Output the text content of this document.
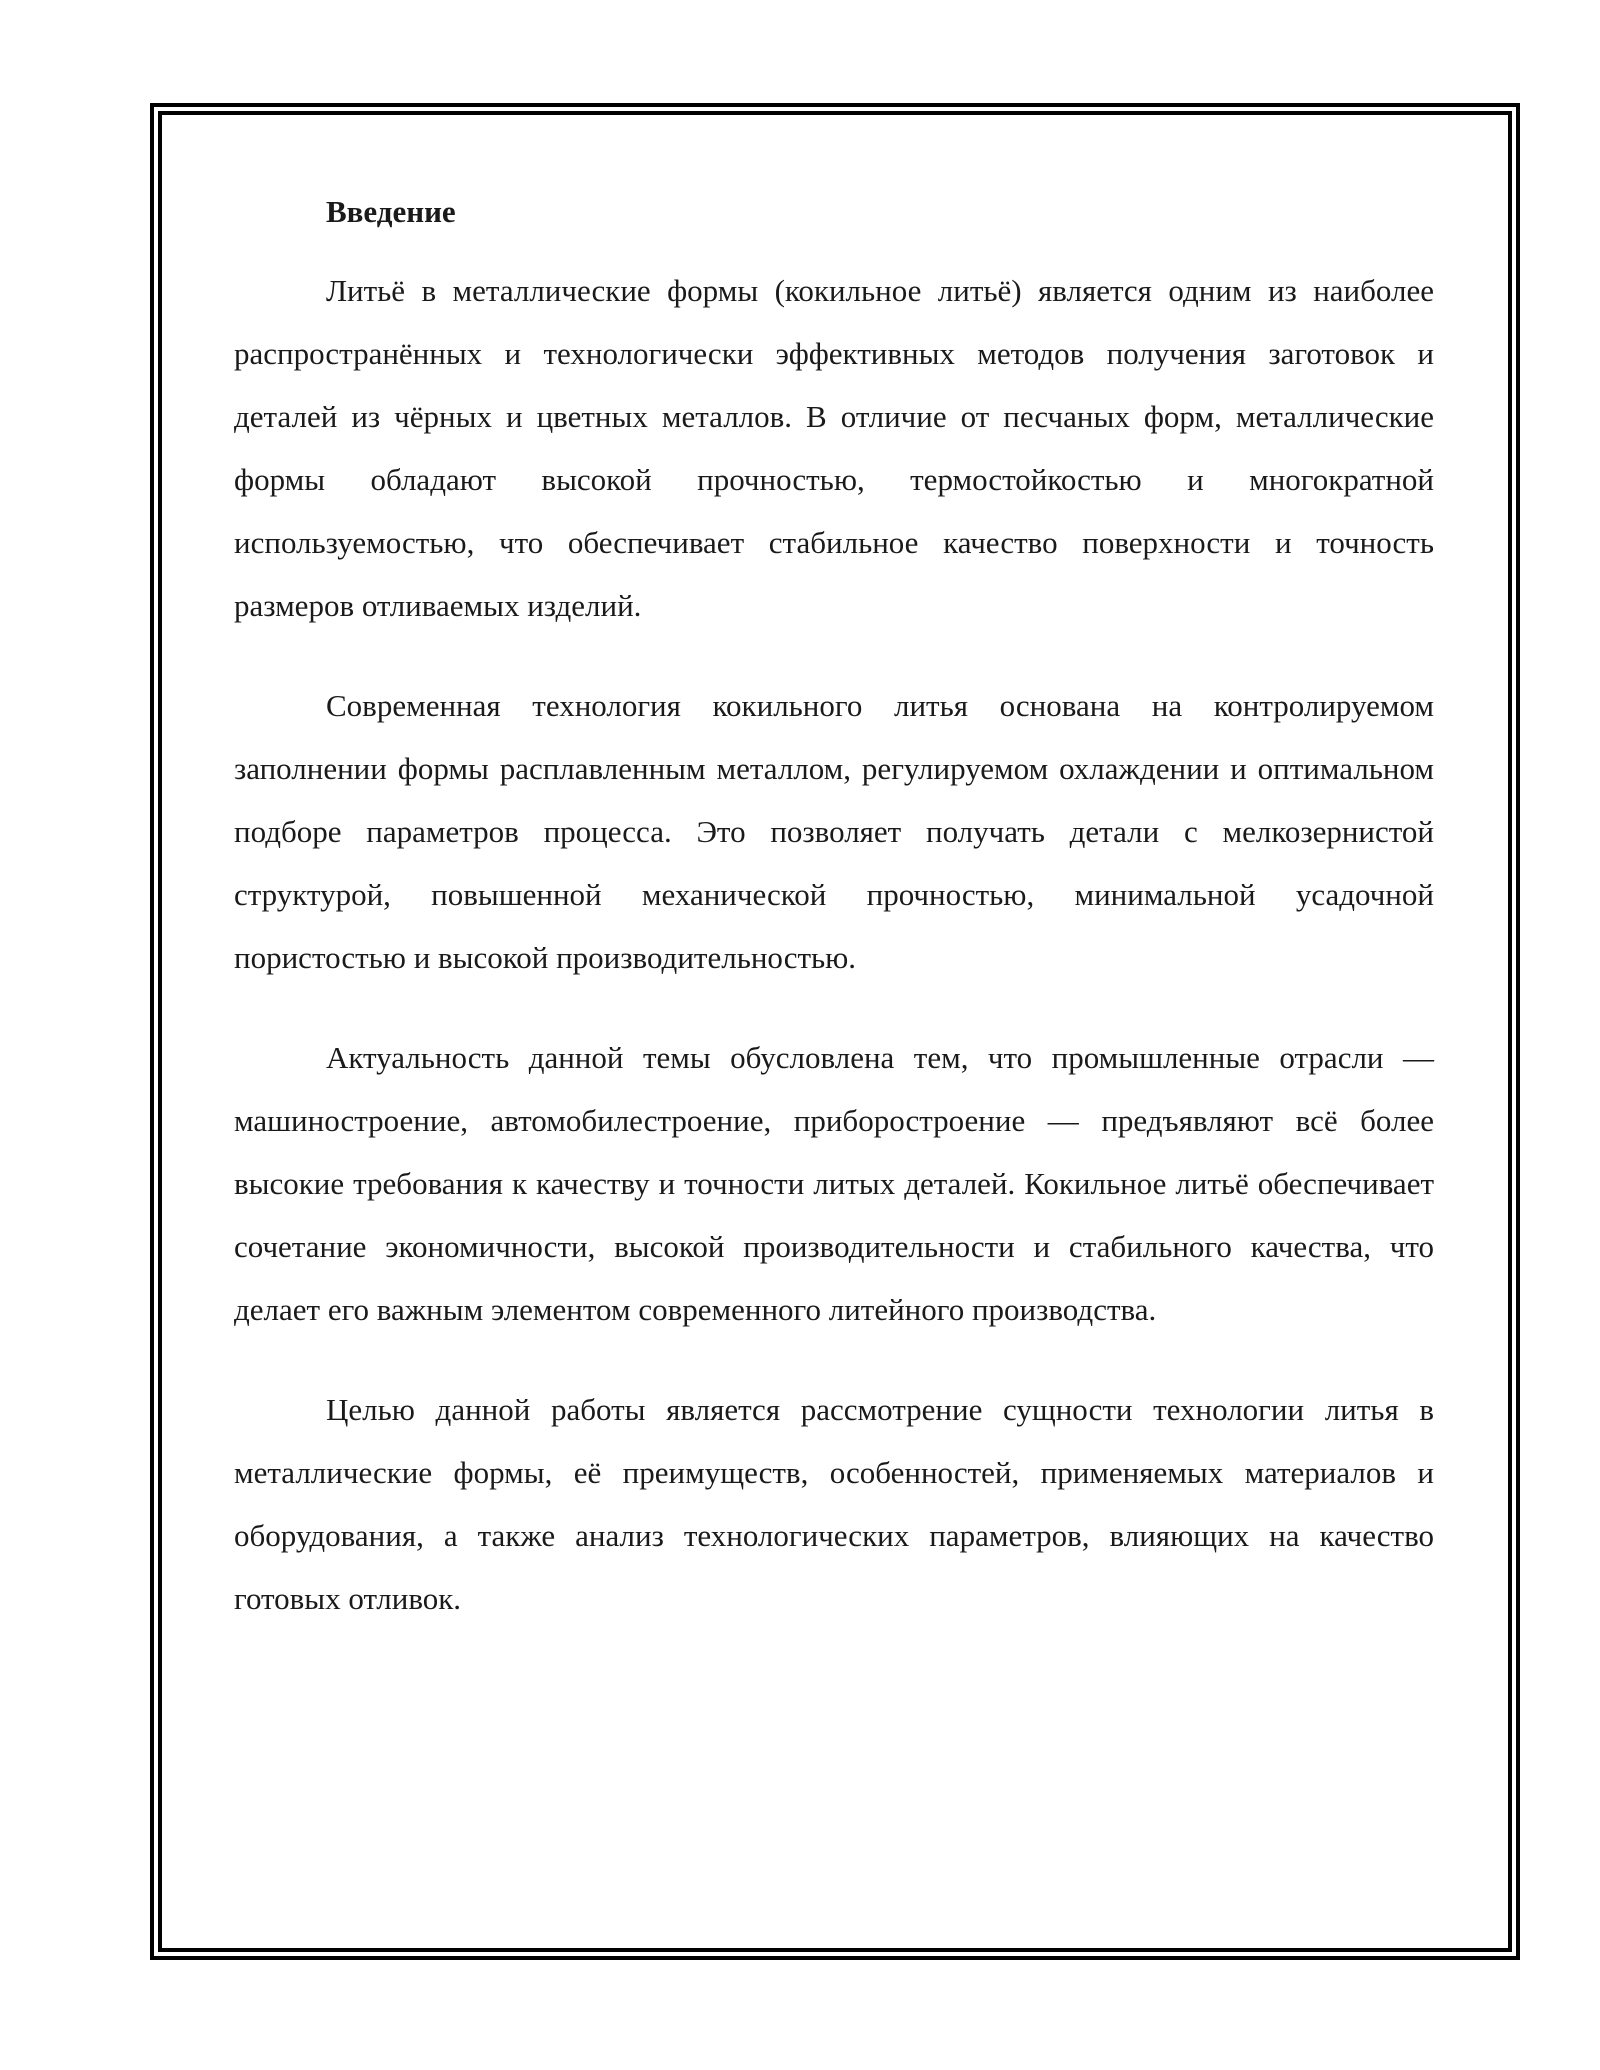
Введение

Литьё в металлические формы (кокильное литьё) является одним из наиболее распространённых и технологически эффективных методов получения заготовок и деталей из чёрных и цветных металлов. В отличие от песчаных форм, металлические формы обладают высокой прочностью, термостойкостью и многократной используемостью, что обеспечивает стабильное качество поверхности и точность размеров отливаемых изделий.

Современная технология кокильного литья основана на контролируемом заполнении формы расплавленным металлом, регулируемом охлаждении и оптимальном подборе параметров процесса. Это позволяет получать детали с мелкозернистой структурой, повышенной механической прочностью, минимальной усадочной пористостью и высокой производительностью.

Актуальность данной темы обусловлена тем, что промышленные отрасли — машиностроение, автомобилестроение, приборостроение — предъявляют всё более высокие требования к качеству и точности литых деталей. Кокильное литьё обеспечивает сочетание экономичности, высокой производительности и стабильного качества, что делает его важным элементом современного литейного производства.

Целью данной работы является рассмотрение сущности технологии литья в металлические формы, её преимуществ, особенностей, применяемых материалов и оборудования, а также анализ технологических параметров, влияющих на качество готовых отливок.
